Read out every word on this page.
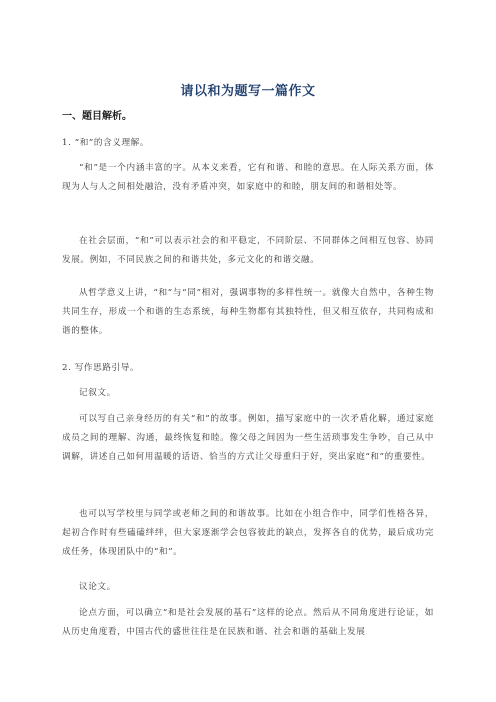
请以和为题写一篇作文
一、题目解析。

1. “和”的含义理解。

“和”是一个内涵丰富的字。从本义来看，它有和谐、和睦的意思。在人际关系方面，体现为人与人之间相处融洽，没有矛盾冲突，如家庭中的和睦，朋友间的和谐相处等。

在社会层面，“和”可以表示社会的和平稳定，不同阶层、不同群体之间相互包容、协同发展。例如，不同民族之间的和谐共处，多元文化的和谐交融。

从哲学意义上讲，“和”与“同”相对，强调事物的多样性统一。就像大自然中，各种生物共同生存，形成一个和谐的生态系统，每种生物都有其独特性，但又相互依存，共同构成和谐的整体。

2. 写作思路引导。

记叙文。

可以写自己亲身经历的有关“和”的故事。例如，描写家庭中的一次矛盾化解，通过家庭成员之间的理解、沟通，最终恢复和睦。像父母之间因为一些生活琐事发生争吵，自己从中调解，讲述自己如何用温暖的话语、恰当的方式让父母重归于好，突出家庭“和”的重要性。

也可以写学校里与同学或老师之间的和谐故事。比如在小组合作中，同学们性格各异，起初合作时有些磕磕绊绊，但大家逐渐学会包容彼此的缺点，发挥各自的优势，最后成功完成任务，体现团队中的“和”。

议论文。

论点方面，可以确立“和是社会发展的基石”这样的论点。然后从不同角度进行论证，如从历史角度看，中国古代的盛世往往是在民族和谐、社会和谐的基础上发展
